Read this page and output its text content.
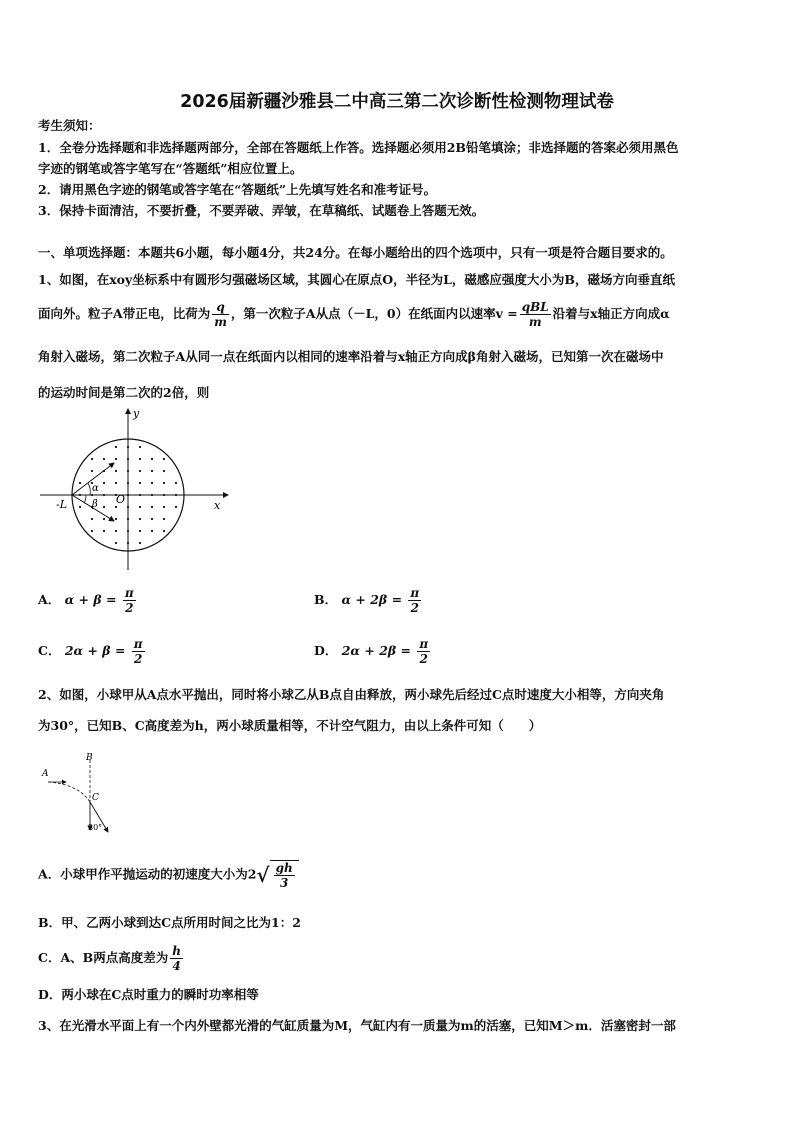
2026届新疆沙雅县二中高三第二次诊断性检测物理试卷
考生须知：
1．全卷分选择题和非选择题两部分，全部在答题纸上作答。选择题必须用2B铅笔填涂；非选择题的答案必须用黑色
字迹的钢笔或答字笔写在“答题纸”相应位置上。
2．请用黑色字迹的钢笔或答字笔在“答题纸”上先填写姓名和准考证号。
3．保持卡面清洁，不要折叠，不要弄破、弄皱，在草稿纸、试题卷上答题无效。
一、单项选择题：本题共6小题，每小题4分，共24分。在每小题给出的四个选项中，只有一项是符合题目要求的。
1、如图，在xoy坐标系中有圆形匀强磁场区域，其圆心在原点O，半径为L，磁感应强度大小为B，磁场方向垂直纸
面向外。粒子A带正电，比荷为 $\frac{q}{m}$ ，第一次粒子A从点（－L，0）在纸面内以速率$v = \frac{\text{qBL}}{m}$ 沿着与x轴正方向成α
角射入磁场，第二次粒子A从同一点在纸面内以相同的速率沿着与x轴正方向成β角射入磁场，已知第一次在磁场中
的运动时间是第二次的2倍，则
y
x
O
-L
α
β
A． $\alpha + \beta = \frac{\pi}{2}$	B． $\alpha + 2\beta = \frac{\pi}{2}$
C． $2\alpha + \beta = \frac{\pi}{2}$	D． $2\alpha + 2\beta = \frac{\pi}{2}$
2、如图，小球甲从A点水平抛出，同时将小球乙从B点自由释放，两小球先后经过C点时速度大小相等，方向夹角
为30°，已知B、C高度差为h，两小球质量相等，不计空气阻力，由以上条件可知（　　）
A
B
C
30°
A．小球甲作平抛运动的初速度大小为$2√ \frac{gh}{3}$
B．甲、乙两小球到达C点所用时间之比为1：2
C．A、B两点高度差为 $\frac{h}{4}$
D．两小球在C点时重力的瞬时功率相等
3、在光滑水平面上有一个内外壁都光滑的气缸质量为M，气缸内有一质量为m的活塞，已知M＞m．活塞密封一部
